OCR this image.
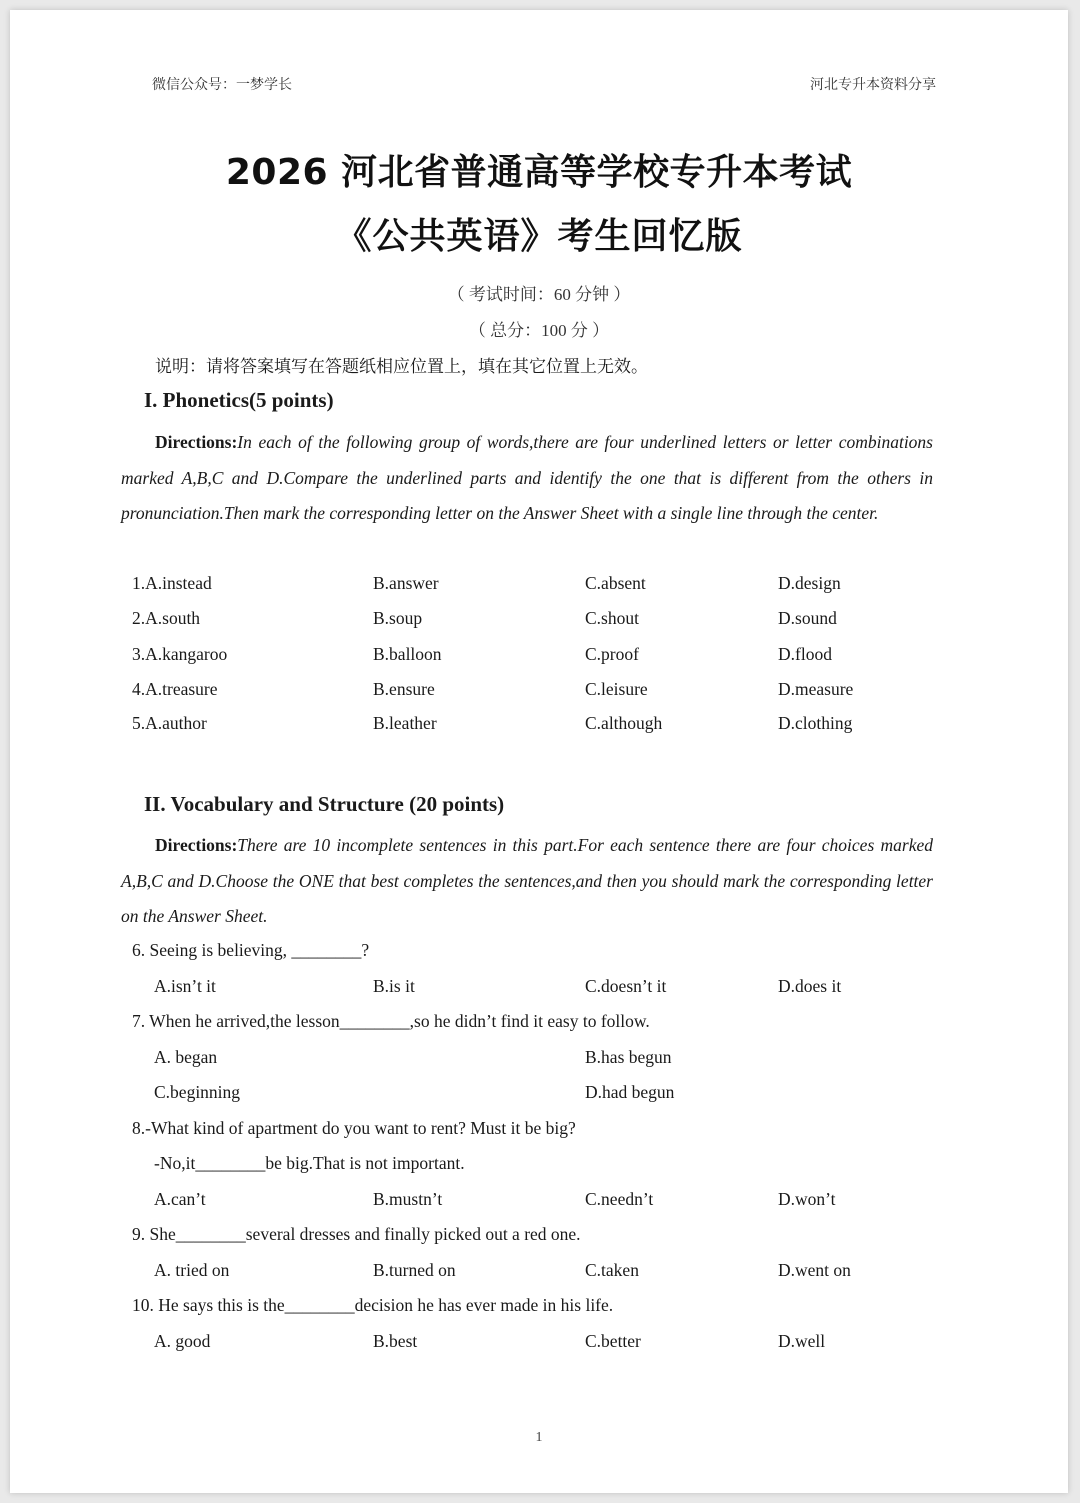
微信公众号：一梦学长	河北专升本资料分享
2026 河北省普通高等学校专升本考试
《公共英语》考生回忆版
（ 考试时间：60 分钟 ）
（ 总分：100 分 ）
说明：请将答案填写在答题纸相应位置上，填在其它位置上无效。
I. Phonetics(5 points)
Directions:In each of the following group of words,there are four underlined letters or letter combinations marked A,B,C and D.Compare the underlined parts and identify the one that is different from the others in pronunciation.Then mark the corresponding letter on the Answer Sheet with a single line through the center.
1.A.instead	B.answer	C.absent	D.design
2.A.south	B.soup	C.shout	D.sound
3.A.kangaroo	B.balloon	C.proof	D.flood
4.A.treasure	B.ensure	C.leisure	D.measure
5.A.author	B.leather	C.although	D.clothing
II. Vocabulary and Structure (20 points)
Directions:There are 10 incomplete sentences in this part.For each sentence there are four choices marked A,B,C and D.Choose the ONE that best completes the sentences,and then you should mark the corresponding letter on the Answer Sheet.
6. Seeing is believing, ________?
A.isn’t it	B.is it	C.doesn’t it	D.does it
7. When he arrived,the lesson________,so he didn’t find it easy to follow.
A. began	B.has begun
C.beginning	D.had begun
8.-What kind of apartment do you want to rent? Must it be big?
-No,it________be big.That is not important.
A.can’t	B.mustn’t	C.needn’t	D.won’t
9. She________several dresses and finally picked out a red one.
A. tried on	B.turned on	C.taken	D.went on
10. He says this is the________decision he has ever made in his life.
A. good	B.best	C.better	D.well
1
